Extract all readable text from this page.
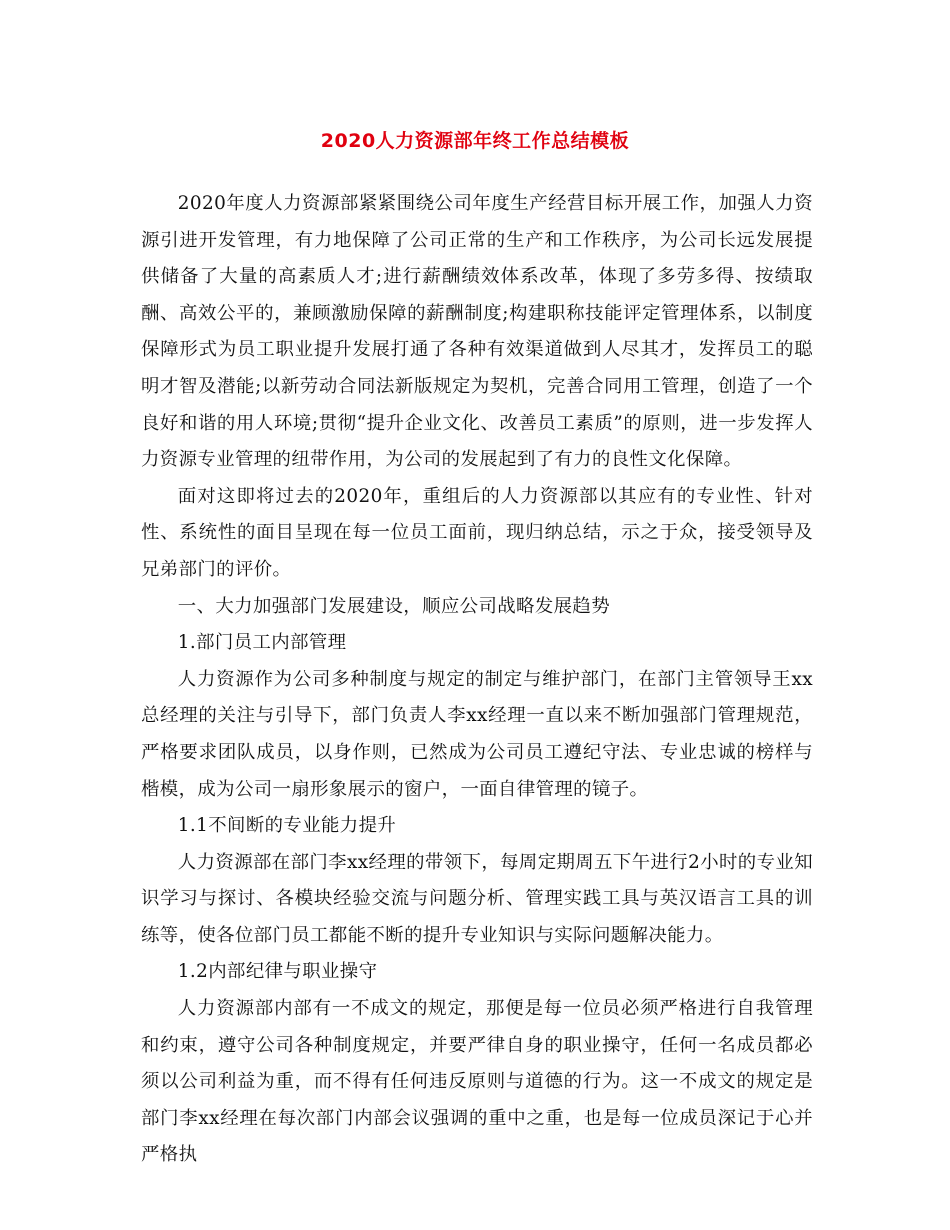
2020人力资源部年终工作总结模板

2020年度人力资源部紧紧围绕公司年度生产经营目标开展工作，加强人力资源引进开发管理，有力地保障了公司正常的生产和工作秩序，为公司长远发展提供储备了大量的高素质人才;进行薪酬绩效体系改革，体现了多劳多得、按绩取酬、高效公平的，兼顾激励保障的薪酬制度;构建职称技能评定管理体系，以制度保障形式为员工职业提升发展打通了各种有效渠道做到人尽其才，发挥员工的聪明才智及潜能;以新劳动合同法新版规定为契机，完善合同用工管理，创造了一个良好和谐的用人环境;贯彻“提升企业文化、改善员工素质”的原则，进一步发挥人力资源专业管理的纽带作用，为公司的发展起到了有力的良性文化保障。

面对这即将过去的2020年，重组后的人力资源部以其应有的专业性、针对性、系统性的面目呈现在每一位员工面前，现归纳总结，示之于众，接受领导及兄弟部门的评价。

一、大力加强部门发展建设，顺应公司战略发展趋势

1.部门员工内部管理

人力资源作为公司多种制度与规定的制定与维护部门，在部门主管领导王xx总经理的关注与引导下，部门负责人李xx经理一直以来不断加强部门管理规范，严格要求团队成员，以身作则，已然成为公司员工遵纪守法、专业忠诚的榜样与楷模，成为公司一扇形象展示的窗户，一面自律管理的镜子。

1.1不间断的专业能力提升

人力资源部在部门李xx经理的带领下，每周定期周五下午进行2小时的专业知识学习与探讨、各模块经验交流与问题分析、管理实践工具与英汉语言工具的训练等，使各位部门员工都能不断的提升专业知识与实际问题解决能力。

1.2内部纪律与职业操守

人力资源部内部有一不成文的规定，那便是每一位员必须严格进行自我管理和约束，遵守公司各种制度规定，并要严律自身的职业操守，任何一名成员都必须以公司利益为重，而不得有任何违反原则与道德的行为。这一不成文的规定是部门李xx经理在每次部门内部会议强调的重中之重，也是每一位成员深记于心并严格执
